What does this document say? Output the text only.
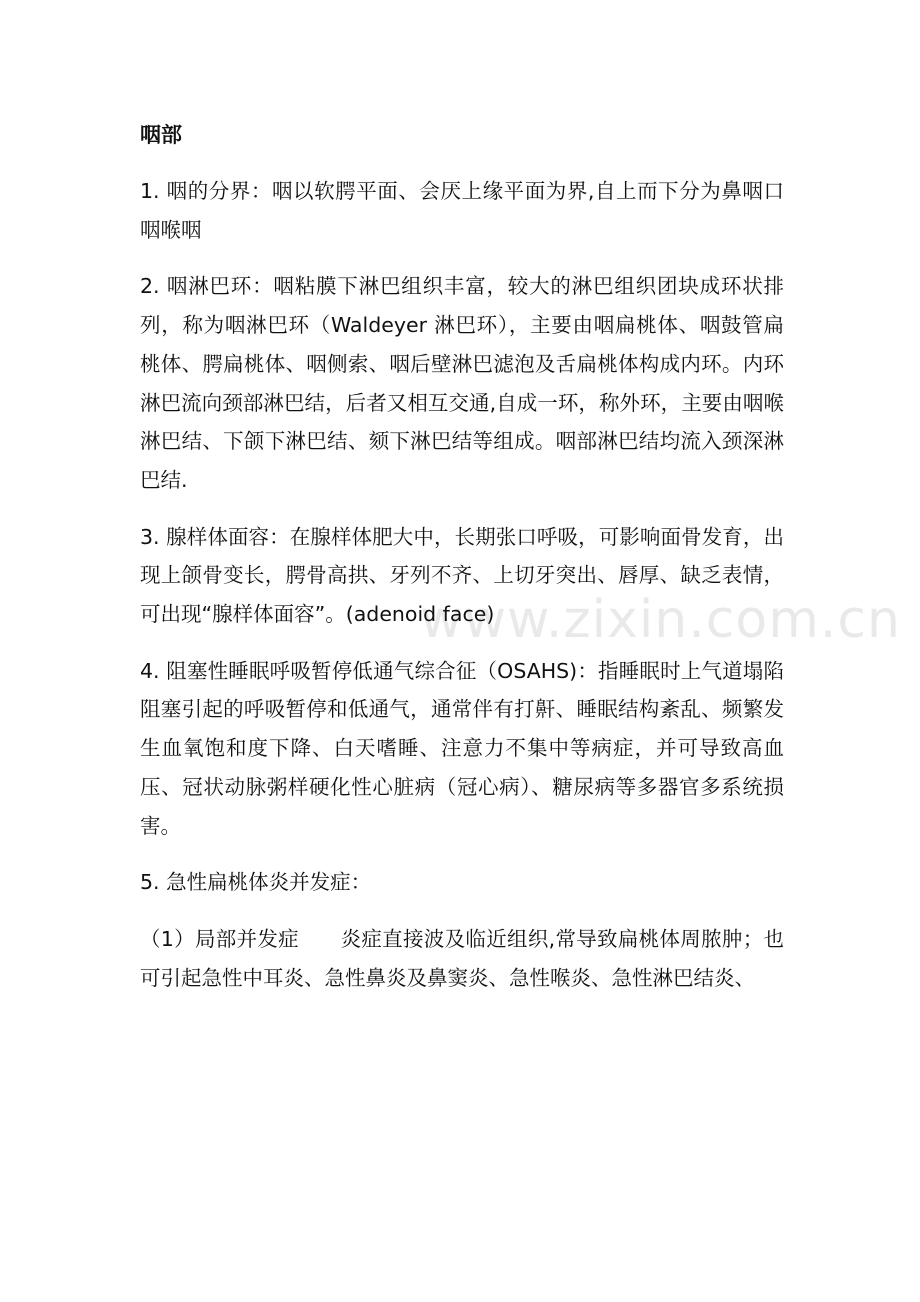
www.zixin.com.cn
咽部

1. 咽的分界：咽以软腭平面、会厌上缘平面为界,自上而下分为鼻咽口咽喉咽

2. 咽淋巴环：咽粘膜下淋巴组织丰富，较大的淋巴组织团块成环状排列，称为咽淋巴环（Waldeyer 淋巴环），主要由咽扁桃体、咽鼓管扁桃体、腭扁桃体、咽侧索、咽后壁淋巴滤泡及舌扁桃体构成内环。内环淋巴流向颈部淋巴结，后者又相互交通,自成一环，称外环，主要由咽喉淋巴结、下颌下淋巴结、颏下淋巴结等组成。咽部淋巴结均流入颈深淋巴结.

3. 腺样体面容：在腺样体肥大中，长期张口呼吸，可影响面骨发育，出现上颌骨变长，腭骨高拱、牙列不齐、上切牙突出、唇厚、缺乏表情，可出现“腺样体面容”。(adenoid face)

4. 阻塞性睡眠呼吸暂停低通气综合征（OSAHS)：指睡眠时上气道塌陷阻塞引起的呼吸暂停和低通气，通常伴有打鼾、睡眠结构紊乱、频繁发生血氧饱和度下降、白天嗜睡、注意力不集中等病症，并可导致高血压、冠状动脉粥样硬化性心脏病（冠心病）、糖尿病等多器官多系统损害。

5. 急性扁桃体炎并发症：

（1）局部并发症　　炎症直接波及临近组织,常导致扁桃体周脓肿；也可引起急性中耳炎、急性鼻炎及鼻窦炎、急性喉炎、急性淋巴结炎、
